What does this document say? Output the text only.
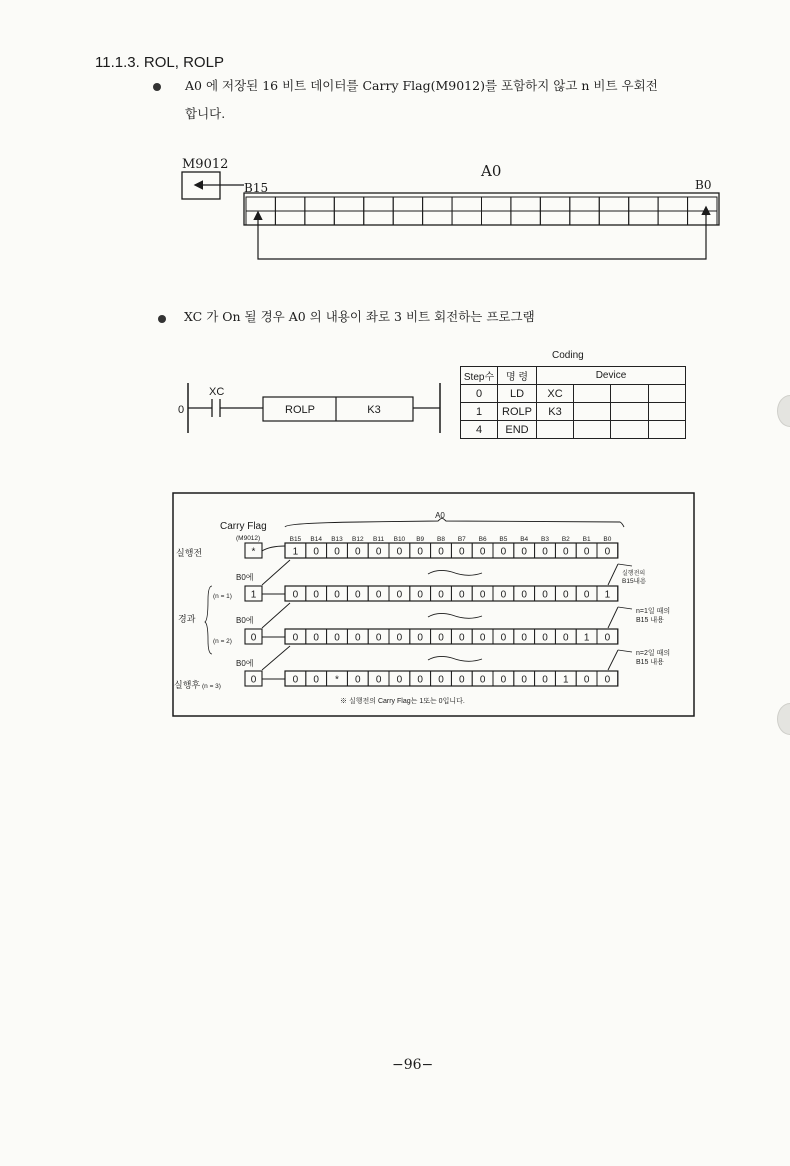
11.1.3. ROL, ROLP
A0 에 저장된 16 비트 데이터를 Carry Flag(M9012)를 포함하지 않고 n 비트 우회전
합니다.
M9012	A0
B15	B0
XC 가 On 될 경우 A0 의 내용이 좌로 3 비트 회전하는 프로그램
0
XC
ROLP	K3
Coding
Step수	명 령	Device			
0	LD	XC			
1	ROLP	K3			
4	END				
A0
Carry Flag
(M9012)	B15 B14 B13 B12 B11 B10 B9 B8 B7 B6 B5 B4 B3 B2 B1 B0
*	1 0 0 0 0 0 0 0 0 0 0 0 0 0 0 0
1	0 0 0 0 0 0 0 0 0 0 0 0 0 0 0 1
0	0 0 0 0 0 0 0 0 0 0 0 0 0 0 1 0
0	0 0 * 0 0 0 0 0 0 0 0 0 0 1 0 0
실행전
경과
실행후
(n = 1)
(n = 2)
(n = 3)
B0에
B0에
B0에
실행전의
B15내용
n=1일 때의
B15 내용
n=2일 때의
B15 내용
※ 실행전의 Carry Flag는 1또는 0입니다.
−96−
